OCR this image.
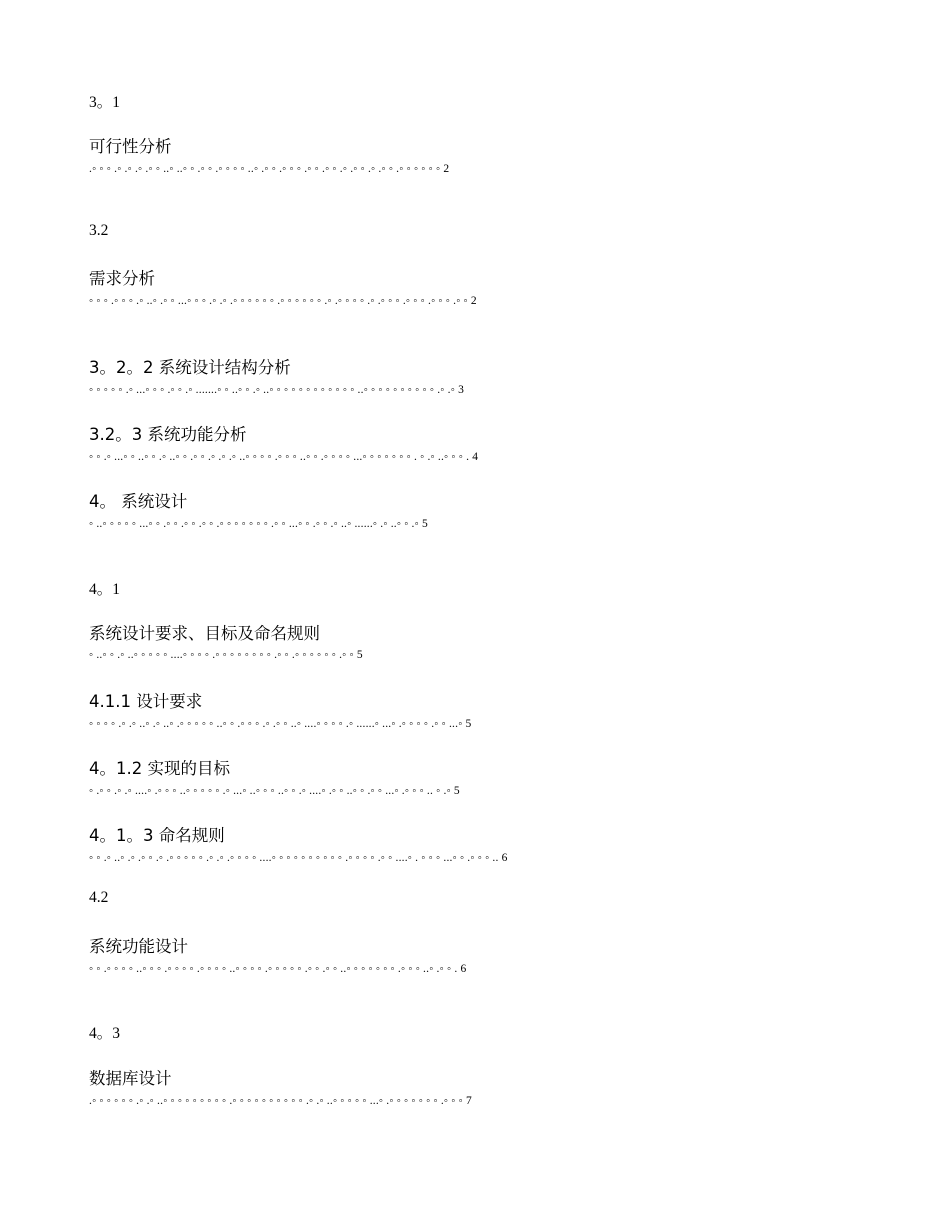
3。1
可行性分析
.◦ ◦ ◦ .◦ .◦ .◦ .◦ ◦ ..◦ ..◦ ◦ .◦ ◦ .◦ ◦ ◦ ◦ ..◦ .◦ ◦ .◦ ◦ ◦ .◦ ◦ .◦ ◦ .◦ .◦ ◦ .◦ .◦ ◦ .◦ ◦ ◦ ◦ ◦ ◦ 2
3.2
需求分析
◦ ◦ ◦ .◦ ◦ ◦ .◦ ..◦ .◦ ◦ ...◦ ◦ ◦ .◦ .◦ .◦ ◦ ◦ ◦ ◦ ◦ .◦ ◦ ◦ ◦ ◦ ◦ .◦ .◦ ◦ ◦ ◦ .◦ .◦ ◦ ◦ .◦ ◦ ◦ .◦ ◦ ◦ .◦ ◦ 2
3。2。2 系统设计结构分析
◦ ◦ ◦ ◦ ◦ .◦ ...◦ ◦ ◦ .◦ ◦ .◦ .......◦ ◦ ..◦ ◦ .◦ ..◦ ◦ ◦ ◦ ◦ ◦ ◦ ◦ ◦ ◦ ◦ ◦ ..◦ ◦ ◦ ◦ ◦ ◦ ◦ ◦ ◦ ◦ .◦ .◦ 3
3.2。3 系统功能分析
◦ ◦ .◦ ...◦ ◦ ..◦ ◦ .◦ ..◦ ◦ .◦ ◦ .◦ .◦ .◦ ..◦ ◦ ◦ ◦ .◦ ◦ ◦ ..◦ ◦ .◦ ◦ ◦ ◦ ...◦ ◦ ◦ ◦ ◦ ◦ ◦ . ◦ .◦ ..◦ ◦ ◦ . 4
4。 系统设计
◦ ..◦ ◦ ◦ ◦ ◦ ...◦ ◦ .◦ ◦ .◦ ◦ .◦ ◦ .◦ ◦ ◦ ◦ ◦ ◦ ◦ .◦ ◦ ...◦ ◦ .◦ ◦ .◦ ..◦ ......◦ .◦ ..◦ ◦ .◦ 5
4。1
系统设计要求、目标及命名规则
◦ ..◦ ◦ .◦ ..◦ ◦ ◦ ◦ ◦ ....◦ ◦ ◦ ◦ .◦ ◦ ◦ ◦ ◦ ◦ ◦ ◦ .◦ ◦ .◦ ◦ ◦ ◦ ◦ ◦ .◦ ◦ 5
4.1.1 设计要求
◦ ◦ ◦ ◦ .◦ .◦ ..◦ .◦ ..◦ .◦ ◦ ◦ ◦ ◦ ..◦ ◦ .◦ ◦ ◦ .◦ .◦ ◦ ..◦ ....◦ ◦ ◦ ◦ .◦ ......◦ ...◦ .◦ ◦ ◦ ◦ .◦ ◦ ...◦ 5
4。1.2 实现的目标
◦ .◦ ◦ .◦ .◦ ....◦ .◦ ◦ ◦ ..◦ ◦ ◦ ◦ ◦ .◦ ...◦ ..◦ ◦ ◦ ..◦ ◦ .◦ ....◦ .◦ ◦ ..◦ ◦ .◦ ◦ ...◦ .◦ ◦ ◦ .. ◦ .◦ 5
4。1。3 命名规则
◦ ◦ .◦ ..◦ .◦ .◦ ◦ .◦ .◦ ◦ ◦ ◦ ◦ .◦ .◦ .◦ ◦ ◦ ◦ ....◦ ◦ ◦ ◦ ◦ ◦ ◦ ◦ ◦ ◦ .◦ ◦ ◦ ◦ .◦ ◦ ....◦ . ◦ ◦ ◦ ...◦ ◦ .◦ ◦ ◦ .. 6
4.2
系统功能设计
◦ ◦ .◦ ◦ ◦ ◦ ..◦ ◦ ◦ .◦ ◦ ◦ ◦ .◦ ◦ ◦ ◦ ..◦ ◦ ◦ ◦ .◦ ◦ ◦ ◦ ◦ .◦ ◦ .◦ ◦ ..◦ ◦ ◦ ◦ ◦ ◦ ◦ .◦ ◦ ◦ ..◦ .◦ ◦ . 6
4。3
数据库设计
.◦ ◦ ◦ ◦ ◦ ◦ .◦ .◦ ..◦ ◦ ◦ ◦ ◦ ◦ ◦ ◦ ◦ .◦ ◦ ◦ ◦ ◦ ◦ ◦ ◦ ◦ ◦ .◦ .◦ ..◦ ◦ ◦ ◦ ◦ ...◦ .◦ ◦ ◦ ◦ ◦ ◦ ◦ .◦ ◦ ◦ 7
